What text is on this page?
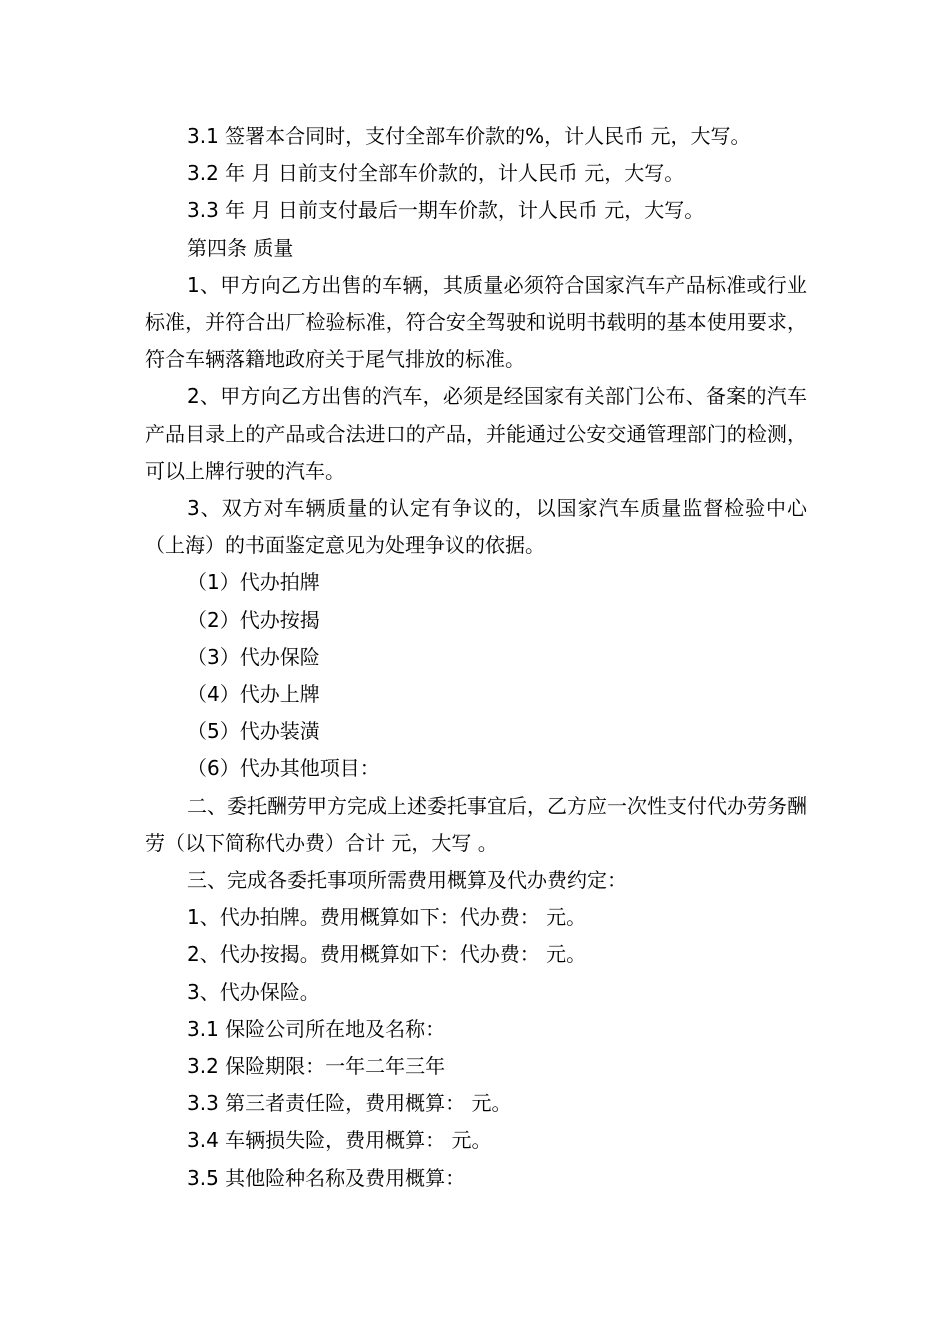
3.1 签署本合同时，支付全部车价款的%，计人民币 元，大写。

3.2 年 月 日前支付全部车价款的，计人民币 元，大写。

3.3 年 月 日前支付最后一期车价款，计人民币 元，大写。

第四条 质量

1、甲方向乙方出售的车辆，其质量必须符合国家汽车产品标准或行业标准，并符合出厂检验标准，符合安全驾驶和说明书载明的基本使用要求，符合车辆落籍地政府关于尾气排放的标准。

2、甲方向乙方出售的汽车，必须是经国家有关部门公布、备案的汽车产品目录上的产品或合法进口的产品，并能通过公安交通管理部门的检测，可以上牌行驶的汽车。

3、双方对车辆质量的认定有争议的，以国家汽车质量监督检验中心（上海）的书面鉴定意见为处理争议的依据。

（1）代办拍牌

（2）代办按揭

（3）代办保险

（4）代办上牌

（5）代办装潢

（6）代办其他项目：

二、委托酬劳甲方完成上述委托事宜后，乙方应一次性支付代办劳务酬劳（以下简称代办费）合计 元，大写 。

三、完成各委托事项所需费用概算及代办费约定：

1、代办拍牌。费用概算如下：代办费： 元。

2、代办按揭。费用概算如下：代办费： 元。

3、代办保险。

3.1 保险公司所在地及名称：

3.2 保险期限：一年二年三年

3.3 第三者责任险，费用概算： 元。

3.4 车辆损失险，费用概算： 元。

3.5 其他险种名称及费用概算：
